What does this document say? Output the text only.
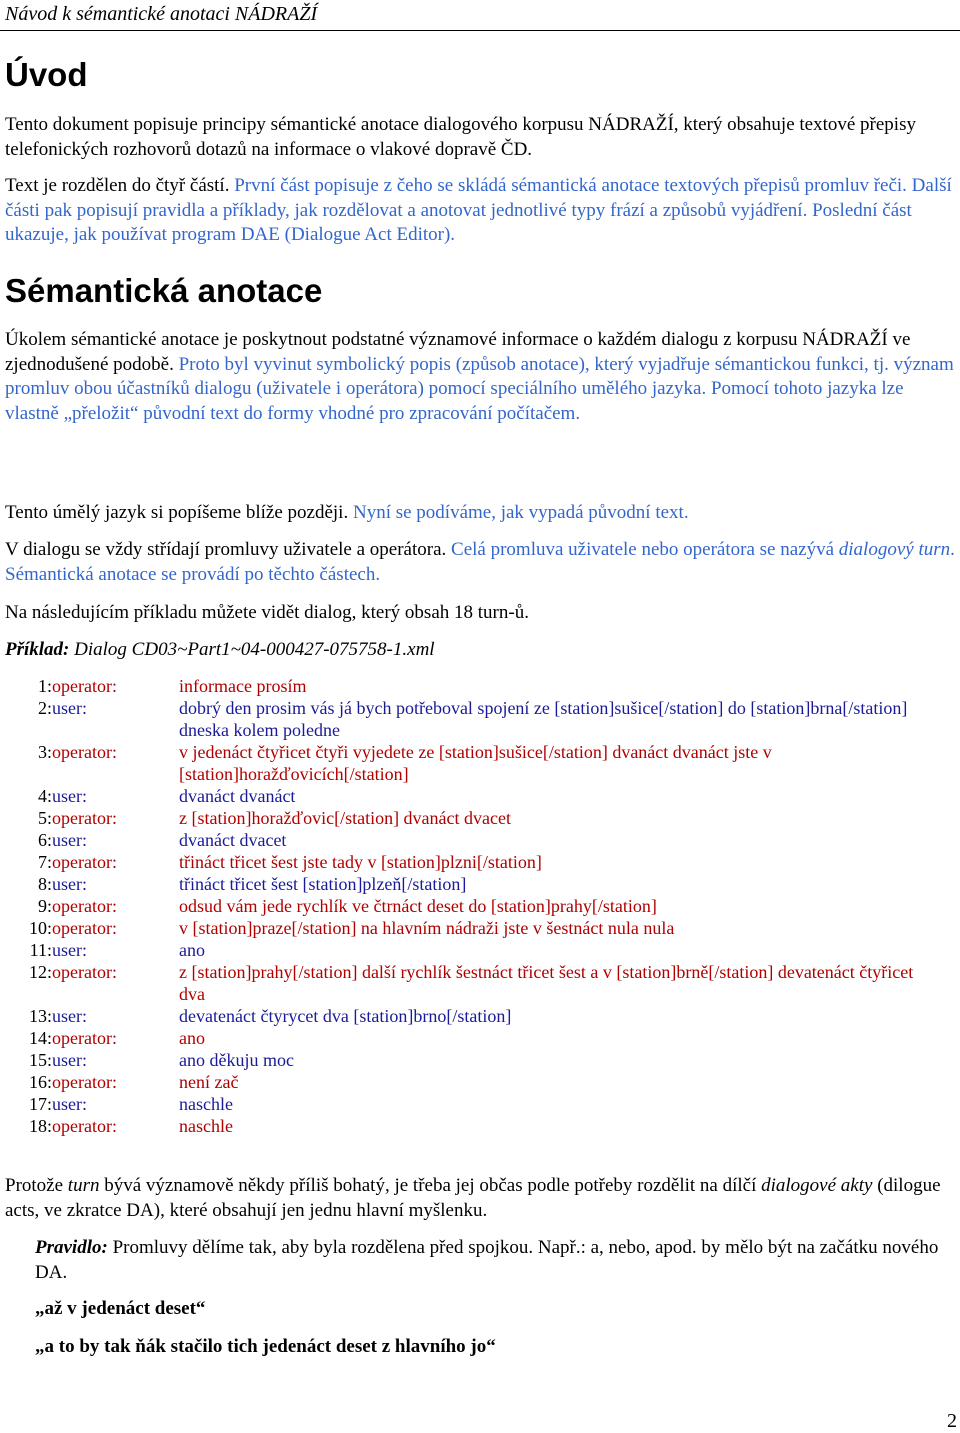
Návod k sémantické anotaci NÁDRAŽÍ
Úvod

Tento dokument popisuje principy sémantické anotace dialogového korpusu NÁDRAŽÍ, který obsahuje textové přepisy telefonických rozhovorů dotazů na informace o vlakové dopravě ČD.

Text je rozdělen do čtyř částí. První část popisuje z čeho se skládá sémantická anotace textových přepisů promluv řeči. Další části pak popisují pravidla a příklady, jak rozdělovat a anotovat jednotlivé typy frází a způsobů vyjádření. Poslední část ukazuje, jak používat program DAE (Dialogue Act Editor).

Sémantická anotace

Úkolem sémantické anotace je poskytnout podstatné významové informace o každém dialogu z korpusu NÁDRAŽÍ ve zjednodušené podobě. Proto byl vyvinut symbolický popis (způsob anotace), který vyjadřuje sémantickou funkci, tj. význam promluv obou účastníků dialogu (uživatele i operátora) pomocí speciálního umělého jazyka. Pomocí tohoto jazyka lze vlastně „přeložit“ původní text do formy vhodné pro zpracování počítačem.

Tento úmělý jazyk si popíšeme blíže později. Nyní se podíváme, jak vypadá původní text.

V dialogu se vždy střídají promluvy uživatele a operátora. Celá promluva uživatele nebo operátora se nazývá dialogový turn. Sémantická anotace se provádí po těchto částech.

Na následujícím příkladu můžete vidět dialog, který obsah 18 turn-ů.

Příklad: Dialog CD03~Part1~04-000427-075758-1.xml

1: operator:	informace prosím
2: user:	dobrý den prosim vás já bych potřeboval spojení ze [station]sušice[/station] do [station]brna[/station] dneska kolem poledne
3: operator:	v jedenáct čtyřicet čtyři vyjedete ze [station]sušice[/station] dvanáct dvanáct jste v [station]horažďovicích[/station]
4: user:	dvanáct dvanáct
5: operator:	z [station]horažďovic[/station] dvanáct dvacet
6: user:	dvanáct dvacet
7: operator:	třináct třicet šest jste tady v [station]plzni[/station]
8: user:	třináct třicet šest [station]plzeň[/station]
9: operator:	odsud vám jede rychlík ve čtrnáct deset do [station]prahy[/station]
10: operator:	v [station]praze[/station] na hlavním nádraži jste v šestnáct nula nula
11: user:	ano
12: operator:	z [station]prahy[/station] další rychlík šestnáct třicet šest a v [station]brně[/station] devatenáct čtyřicet dva
13: user:	devatenáct čtyrycet dva [station]brno[/station]
14: operator:	ano
15: user:	ano děkuju moc
16: operator:	není zač
17: user:	naschle
18: operator:	naschle

Protože turn bývá významově někdy příliš bohatý, je třeba jej občas podle potřeby rozdělit na dílčí dialogové akty (dilogue acts, ve zkratce DA), které obsahují jen jednu hlavní myšlenku.

Pravidlo: Promluvy dělíme tak, aby byla rozdělena před spojkou. Např.: a, nebo, apod. by mělo být na začátku nového DA.
„až v jedenáct deset“
„a to by tak ňák stačilo tich jedenáct deset z hlavního jo“
2
